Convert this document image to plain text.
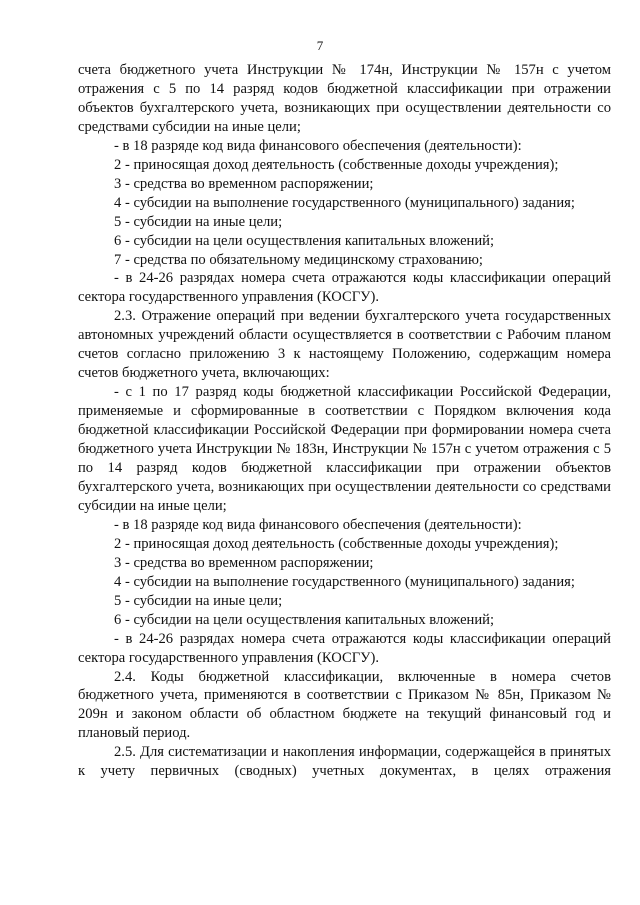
7

счета бюджетного учета Инструкции № 174н, Инструкции № 157н с учетом отражения с 5 по 14 разряд кодов бюджетной классификации при отражении объектов бухгалтерского учета, возникающих при осуществлении деятельности со средствами субсидии на иные цели;

- в 18 разряде код вида финансового обеспечения (деятельности):

2 - приносящая доход деятельность (собственные доходы учреждения);

3 - средства во временном распоряжении;

4 - субсидии на выполнение государственного (муниципального) задания;

5 - субсидии на иные цели;

6 - субсидии на цели осуществления капитальных вложений;

7 - средства по обязательному медицинскому страхованию;

- в 24-26 разрядах номера счета отражаются коды классификации операций сектора государственного управления (КОСГУ).

2.3. Отражение операций при ведении бухгалтерского учета государственных автономных учреждений области осуществляется в соответствии с Рабочим планом счетов согласно приложению 3 к настоящему Положению, содержащим номера счетов бюджетного учета, включающих:

- с 1 по 17 разряд коды бюджетной классификации Российской Федерации, применяемые и сформированные в соответствии с Порядком включения кода бюджетной классификации Российской Федерации при формировании номера счета бюджетного учета Инструкции № 183н, Инструкции № 157н с учетом отражения с 5 по 14 разряд кодов бюджетной классификации при отражении объектов бухгалтерского учета, возникающих при осуществлении деятельности со средствами субсидии на иные цели;

- в 18 разряде код вида финансового обеспечения (деятельности):

2 - приносящая доход деятельность (собственные доходы учреждения);

3 - средства во временном распоряжении;

4 - субсидии на выполнение государственного (муниципального) задания;

5 - субсидии на иные цели;

6 - субсидии на цели осуществления капитальных вложений;

- в 24-26 разрядах номера счета отражаются коды классификации операций сектора государственного управления (КОСГУ).

2.4. Коды бюджетной классификации, включенные в номера счетов бюджетного учета, применяются в соответствии с Приказом № 85н, Приказом № 209н и законом области об областном бюджете на текущий финансовый год и плановый период.

2.5. Для систематизации и накопления информации, содержащейся в принятых к учету первичных (сводных) учетных документах, в целях отражения
